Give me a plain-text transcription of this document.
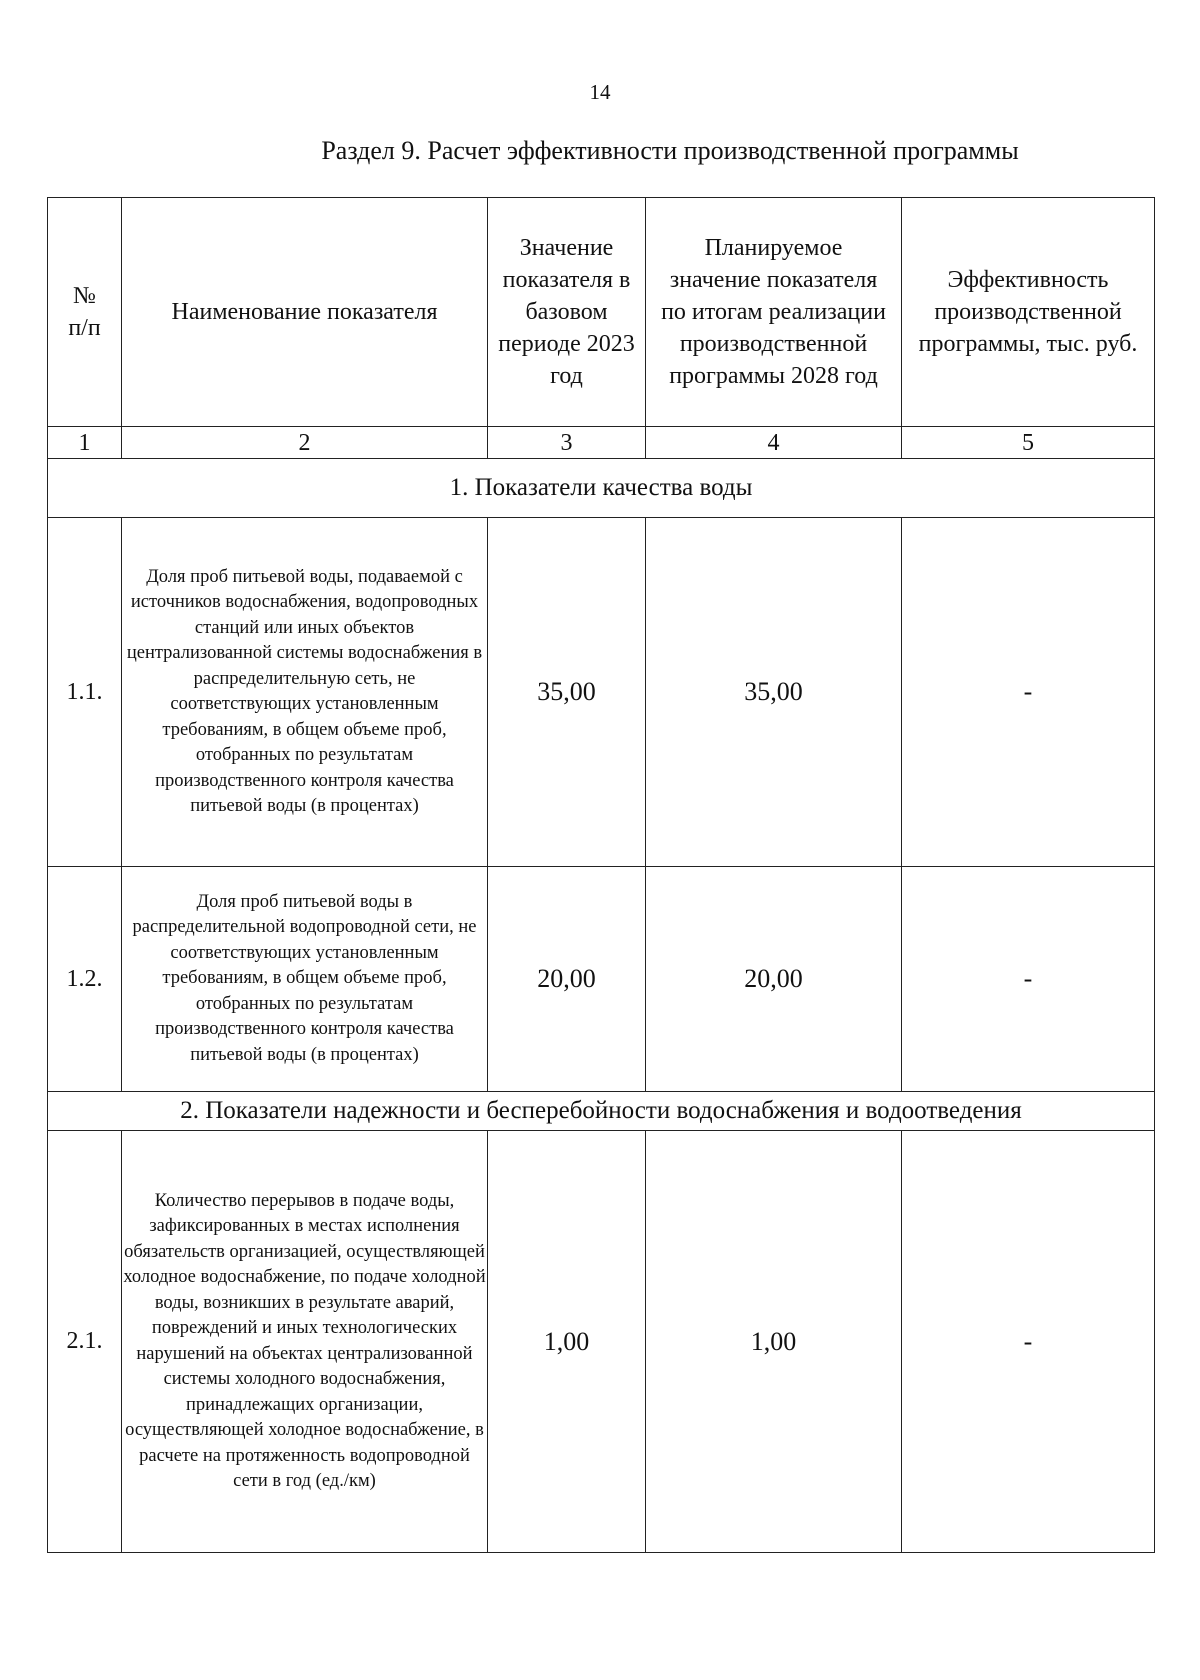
14
Раздел 9. Расчет эффективности производственной программы
№ п/п	Наименование показателя	Значение показателя в базовом периоде 2023 год	Планируемое значение показателя по итогам реализации производственной программы 2028 год	Эффективность производственной программы, тыс. руб.
1	2	3	4	5
1. Показатели качества воды				
1.1.	Доля проб питьевой воды, подаваемой с источников водоснабжения, водопроводных станций или иных объектов централизованной системы водоснабжения в распределительную сеть, не соответствующих установленным требованиям, в общем объеме проб, отобранных по результатам производственного контроля качества питьевой воды (в процентах)	35,00	35,00	-
1.2.	Доля проб питьевой воды в распределительной водопроводной сети, не соответствующих установленным требованиям, в общем объеме проб, отобранных по результатам производственного контроля качества питьевой воды (в процентах)	20,00	20,00	-
2. Показатели надежности и бесперебойности водоснабжения и водоотведения				
2.1.	Количество перерывов в подаче воды, зафиксированных в местах исполнения обязательств организацией, осуществляющей холодное водоснабжение, по подаче холодной воды, возникших в результате аварий, повреждений и иных технологических нарушений на объектах централизованной системы холодного водоснабжения, принадлежащих организации, осуществляющей холодное водоснабжение, в расчете на протяженность водопроводной сети в год (ед./км)	1,00	1,00	-
